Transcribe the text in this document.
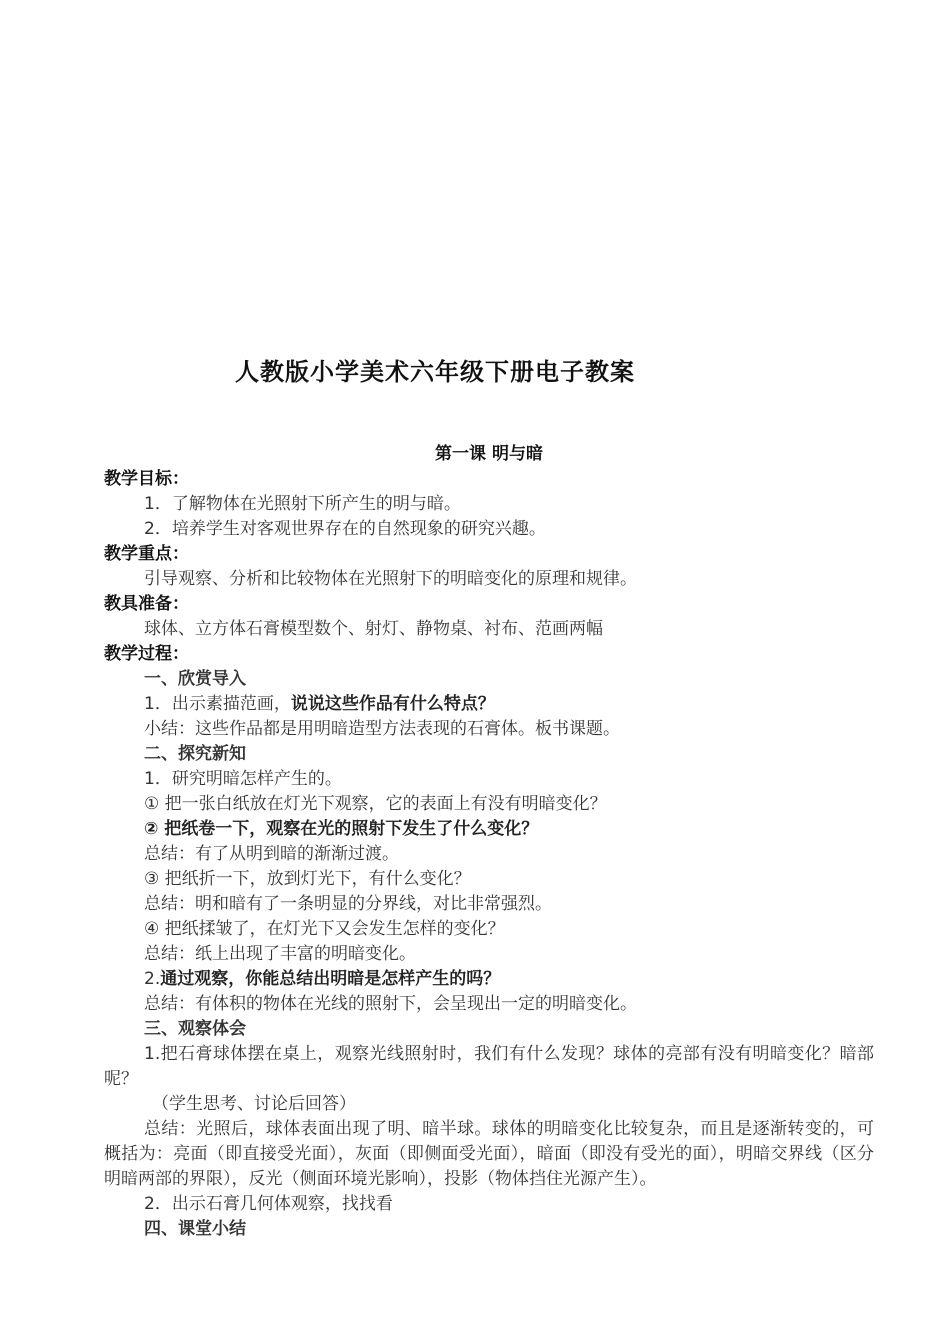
人教版小学美术六年级下册电子教案
第一课 明与暗
教学目标：
1．了解物体在光照射下所产生的明与暗。
2．培养学生对客观世界存在的自然现象的研究兴趣。
教学重点：
引导观察、分析和比较物体在光照射下的明暗变化的原理和规律。
教具准备：
球体、立方体石膏模型数个、射灯、静物桌、衬布、范画两幅
教学过程：
一、欣赏导入
1．出示素描范画，说说这些作品有什么特点？
小结：这些作品都是用明暗造型方法表现的石膏体。板书课题。
二、探究新知
1．研究明暗怎样产生的。
① 把一张白纸放在灯光下观察，它的表面上有没有明暗变化？
② 把纸卷一下，观察在光的照射下发生了什么变化？
总结：有了从明到暗的渐渐过渡。
③ 把纸折一下，放到灯光下，有什么变化？
总结：明和暗有了一条明显的分界线，对比非常强烈。
④ 把纸揉皱了，在灯光下又会发生怎样的变化？
总结：纸上出现了丰富的明暗变化。
2.通过观察，你能总结出明暗是怎样产生的吗？
总结：有体积的物体在光线的照射下，会呈现出一定的明暗变化。
三、观察体会
1.把石膏球体摆在桌上，观察光线照射时，我们有什么发现？球体的亮部有没有明暗变化？暗部呢？
（学生思考、讨论后回答）
总结：光照后，球体表面出现了明、暗半球。球体的明暗变化比较复杂，而且是逐渐转变的，可概括为：亮面（即直接受光面），灰面（即侧面受光面），暗面（即没有受光的面），明暗交界线（区分明暗两部的界限），反光（侧面环境光影响），投影（物体挡住光源产生）。
2．出示石膏几何体观察，找找看
四、课堂小结
